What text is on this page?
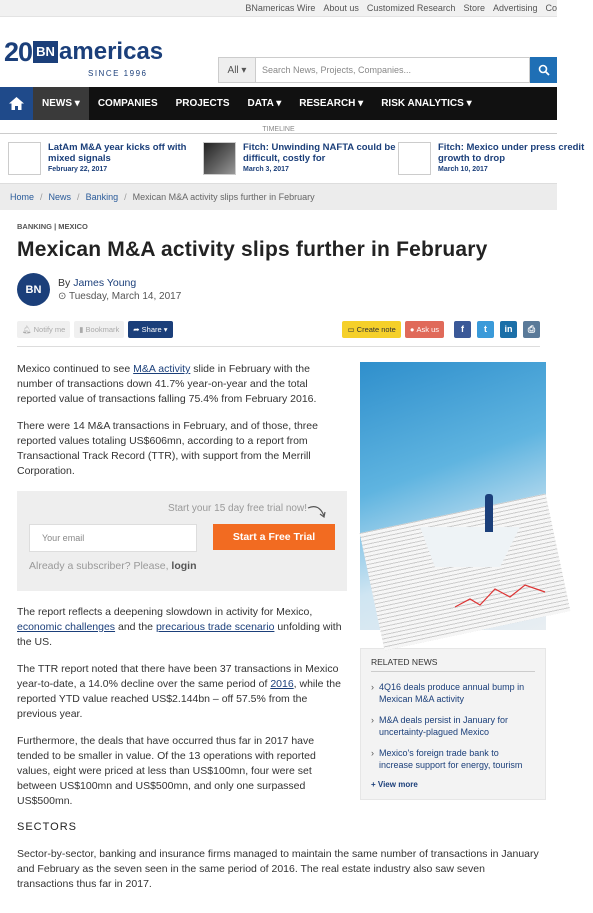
BNamericas Wire About us Customized Research Store Advertising Co
20 BN americas
SINCE 1996	All ▾	Search News, Projects, Companies...
NEWS ▾	COMPANIES	PROJECTS	DATA ▾	RESEARCH ▾	RISK ANALYTICS ▾
TIMELINE
LatAm M&A year kicks off with mixed signals
February 22, 2017
Fitch: Unwinding NAFTA could be difficult, costly for
March 3, 2017
Fitch: Mexico under press credit growth to drop
March 10, 2017
Home / News / Banking / Mexican M&A activity slips further in February
BANKING | MEXICO
Mexican M&A activity slips further in February
BN
By James Young
⊙ Tuesday, March 14, 2017
🔔︎ Notify me ▮ Bookmark ➦ Share ▾	▭ Create note ● Ask us	f	t	in	⎙

Mexico continued to see M&A activity slide in February with the number of transactions down 41.7% year-on-year and the total reported value of transactions falling 75.4% from February 2016.

There were 14 M&A transactions in February, and of those, three reported values totaling US$606mn, according to a report from Transactional Track Record (TTR), with support from the Merrill Corporation.

Start your 15 day free trial now!
Your email	Start a Free Trial
Already a subscriber? Please, login

The report reflects a deepening slowdown in activity for Mexico, economic challenges and the precarious trade scenario unfolding with the US.

The TTR report noted that there have been 37 transactions in Mexico year-to-date, a 14.0% decline over the same period of 2016, while the reported YTD value reached US$2.144bn – off 57.5% from the previous year.

Furthermore, the deals that have occurred thus far in 2017 have tended to be smaller in value. Of the 13 operations with reported values, eight were priced at less than US$100mn, four were set between US$100mn and US$500mn, and only one surpassed US$500mn.

SECTORS
RELATED NEWS
› 4Q16 deals produce annual bump in Mexican M&A activity
› M&A deals persist in January for uncertainty-plagued Mexico
› Mexico's foreign trade bank to increase support for energy, tourism
+ View more

Sector-by-sector, banking and insurance firms managed to maintain the same number of transactions in January and February as the seven seen in the same period of 2016. The real estate industry also saw seven transactions thus far in 2017.
